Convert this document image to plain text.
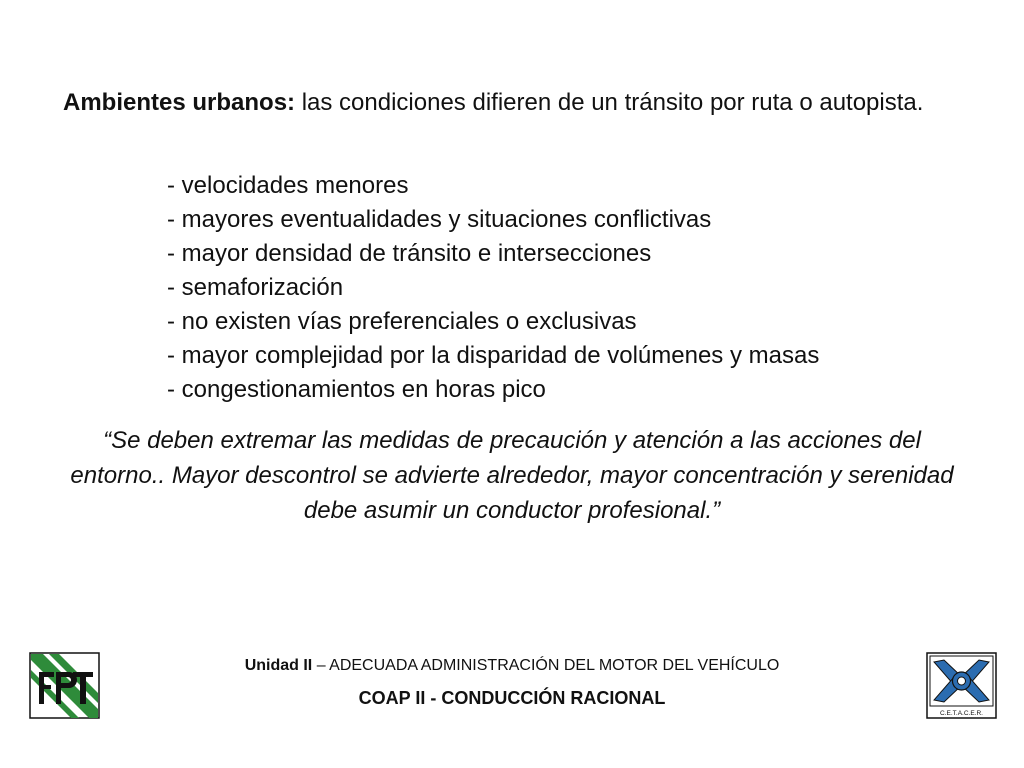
Ambientes urbanos: las condiciones difieren de un tránsito por ruta o autopista.

- velocidades menores
- mayores eventualidades y situaciones conflictivas
- mayor densidad de tránsito e intersecciones
- semaforización
- no existen vías preferenciales o exclusivas
- mayor complejidad por la disparidad de volúmenes y masas
- congestionamientos en horas pico

“Se deben extremar las medidas de precaución y atención a las acciones del entorno.. Mayor descontrol se advierte alrededor, mayor concentración y serenidad debe asumir un conductor profesional.”

Unidad II – ADECUADA ADMINISTRACIÓN DEL MOTOR DEL VEHÍCULO
COAP II - CONDUCCIÓN RACIONAL
C.E.T.A.C.E.R.
